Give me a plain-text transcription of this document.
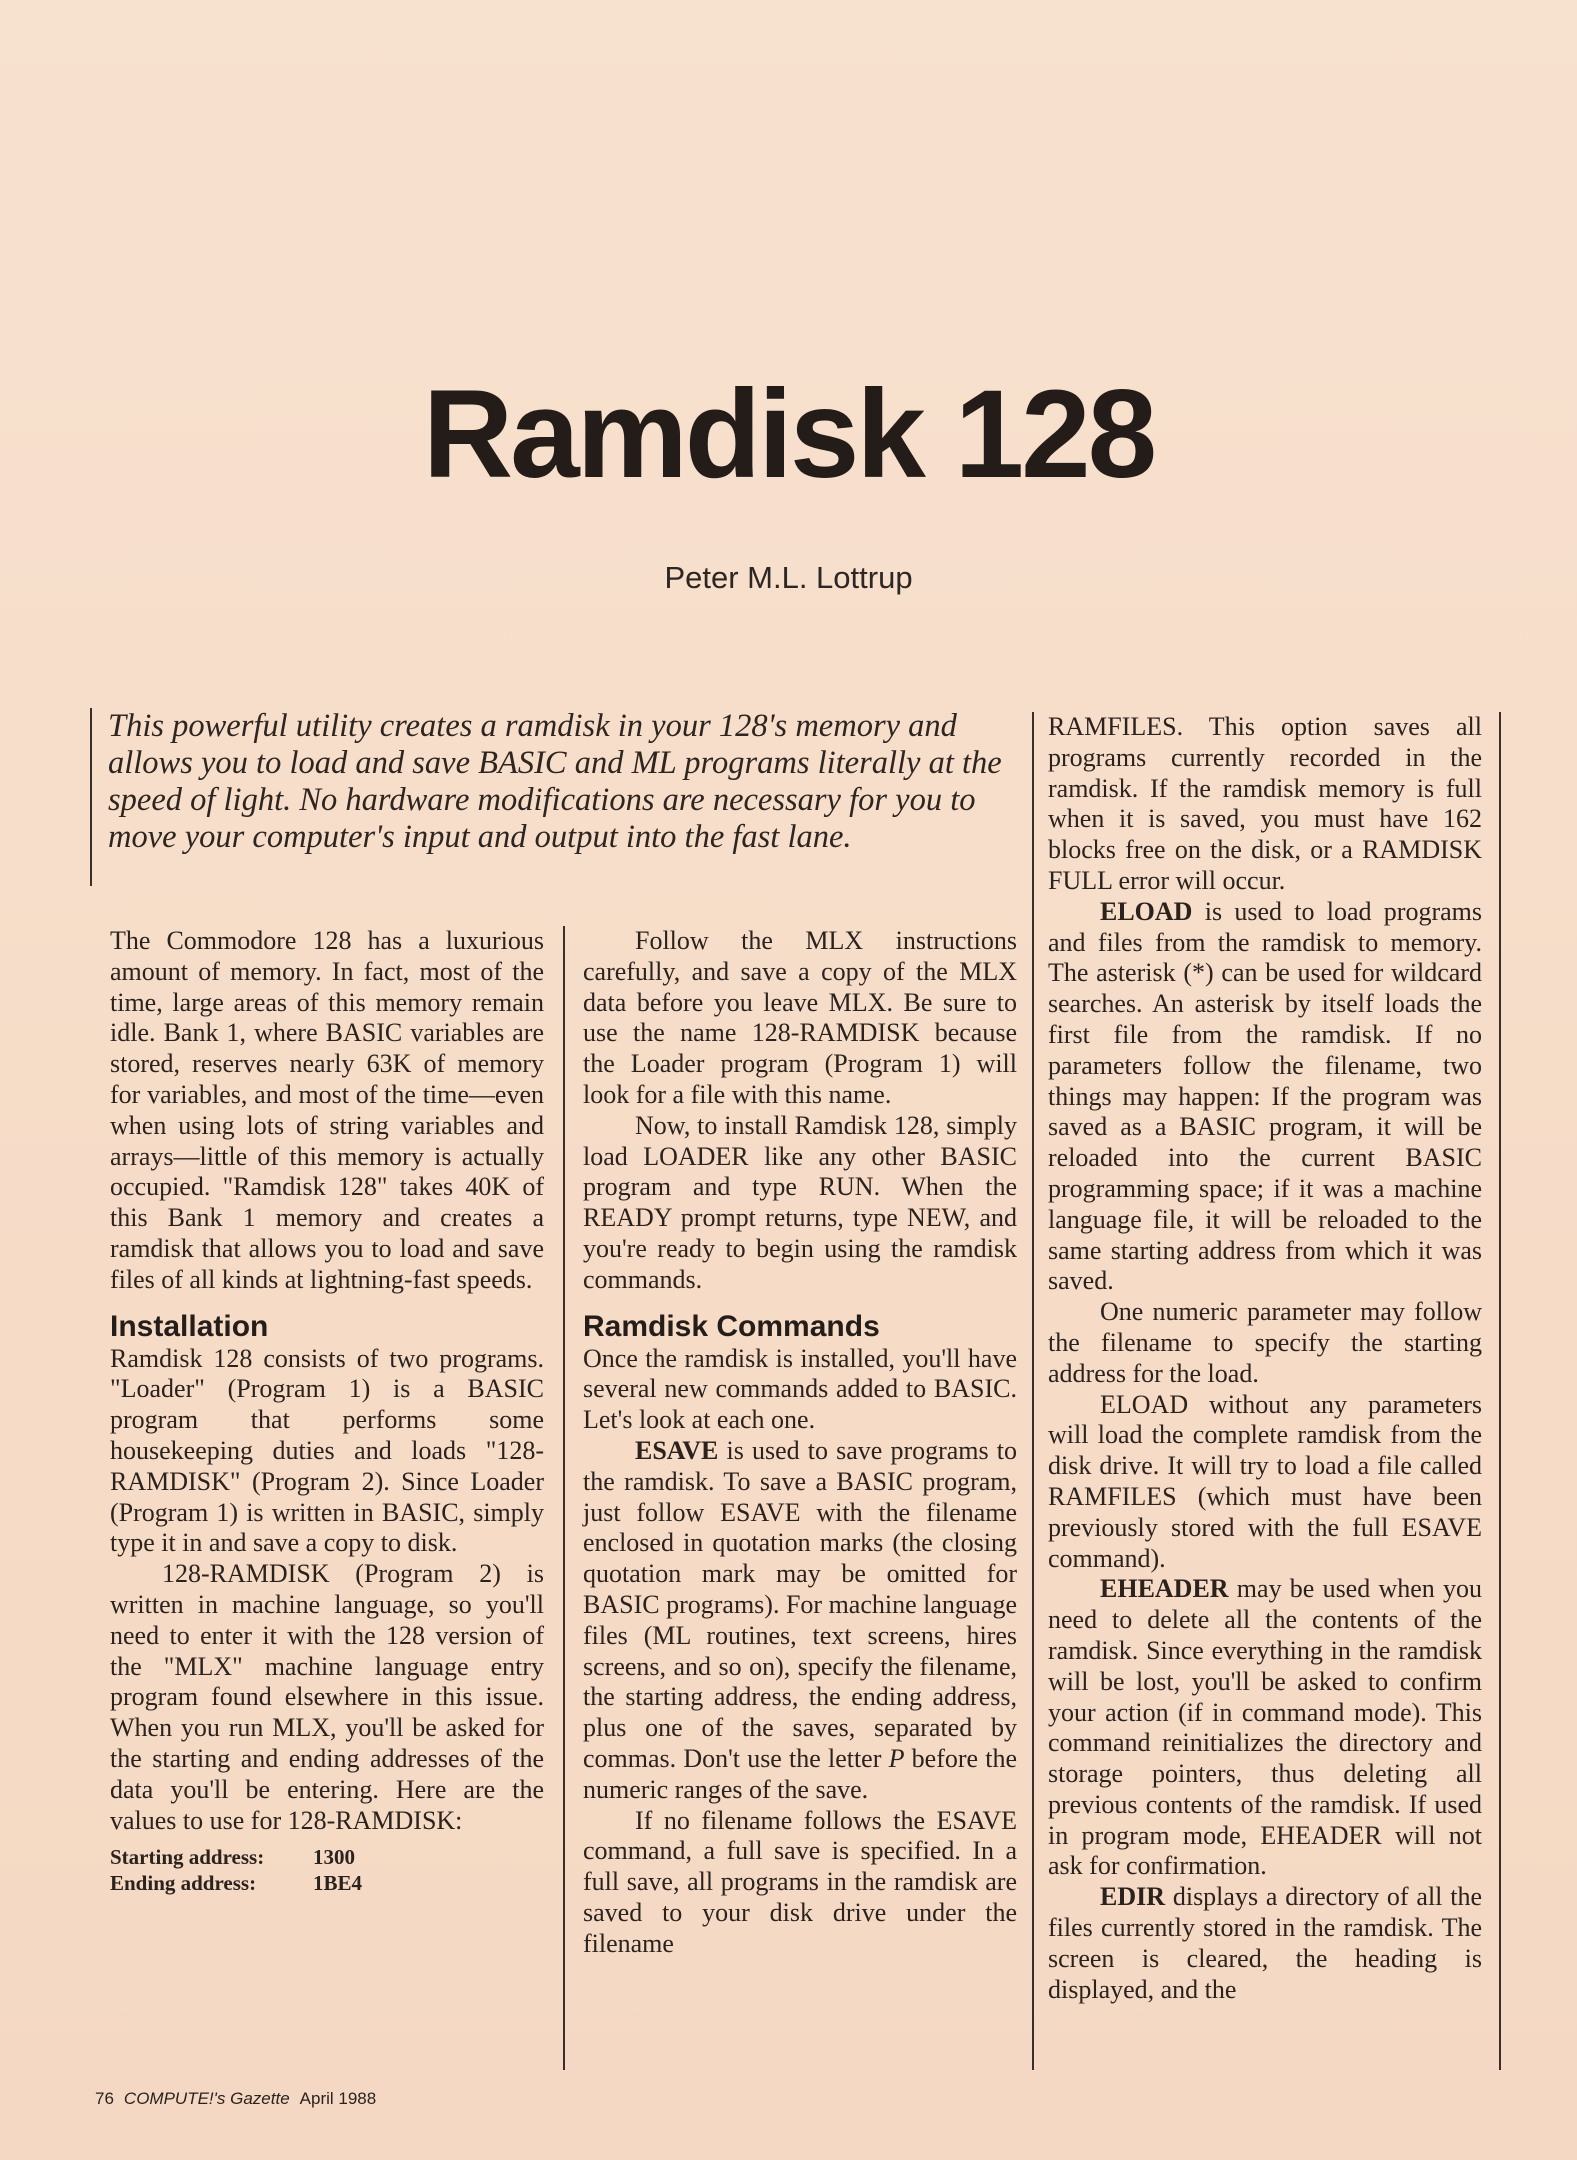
Ramdisk 128
Peter M.L. Lottrup
This powerful utility creates a ramdisk in your 128's memory and allows you to load and save BASIC and ML programs literally at the speed of light. No hardware modifications are necessary for you to move your computer's input and output into the fast lane.

The Commodore 128 has a luxurious amount of memory. In fact, most of the time, large areas of this memory remain idle. Bank 1, where BASIC variables are stored, reserves nearly 63K of memory for variables, and most of the time—even when using lots of string variables and arrays—little of this memory is actually occupied. "Ramdisk 128" takes 40K of this Bank 1 memory and creates a ramdisk that allows you to load and save files of all kinds at lightning-fast speeds.

Installation

Ramdisk 128 consists of two programs. "Loader" (Program 1) is a BASIC program that performs some housekeeping duties and loads "128-RAMDISK" (Program 2). Since Loader (Program 1) is written in BASIC, simply type it in and save a copy to disk.

128-RAMDISK (Program 2) is written in machine language, so you'll need to enter it with the 128 version of the "MLX" machine language entry program found elsewhere in this issue. When you run MLX, you'll be asked for the starting and ending addresses of the data you'll be entering. Here are the values to use for 128-RAMDISK:

Starting address: 1300
Ending address:	1BE4

Follow the MLX instructions carefully, and save a copy of the MLX data before you leave MLX. Be sure to use the name 128-RAMDISK because the Loader program (Program 1) will look for a file with this name.

Now, to install Ramdisk 128, simply load LOADER like any other BASIC program and type RUN. When the READY prompt returns, type NEW, and you're ready to begin using the ramdisk commands.

Ramdisk Commands

Once the ramdisk is installed, you'll have several new commands added to BASIC. Let's look at each one.

ESAVE is used to save programs to the ramdisk. To save a BASIC program, just follow ESAVE with the filename enclosed in quotation marks (the closing quotation mark may be omitted for BASIC programs). For machine language files (ML routines, text screens, hires screens, and so on), specify the filename, the starting address, the ending address, plus one of the saves, separated by commas. Don't use the letter P before the numeric ranges of the save.

If no filename follows the ESAVE command, a full save is specified. In a full save, all programs in the ramdisk are saved to your disk drive under the filename

RAMFILES. This option saves all programs currently recorded in the ramdisk. If the ramdisk memory is full when it is saved, you must have 162 blocks free on the disk, or a RAMDISK FULL error will occur.

ELOAD is used to load programs and files from the ramdisk to memory. The asterisk (*) can be used for wildcard searches. An asterisk by itself loads the first file from the ramdisk. If no parameters follow the filename, two things may happen: If the program was saved as a BASIC program, it will be reloaded into the current BASIC programming space; if it was a machine language file, it will be reloaded to the same starting address from which it was saved.

One numeric parameter may follow the filename to specify the starting address for the load.

ELOAD without any parameters will load the complete ramdisk from the disk drive. It will try to load a file called RAMFILES (which must have been previously stored with the full ESAVE command).

EHEADER may be used when you need to delete all the contents of the ramdisk. Since everything in the ramdisk will be lost, you'll be asked to confirm your action (if in command mode). This command reinitializes the directory and storage pointers, thus deleting all previous contents of the ramdisk. If used in program mode, EHEADER will not ask for confirmation.

EDIR displays a directory of all the files currently stored in the ramdisk. The screen is cleared, the heading is displayed, and the

76 COMPUTE!'s Gazette April 1988
